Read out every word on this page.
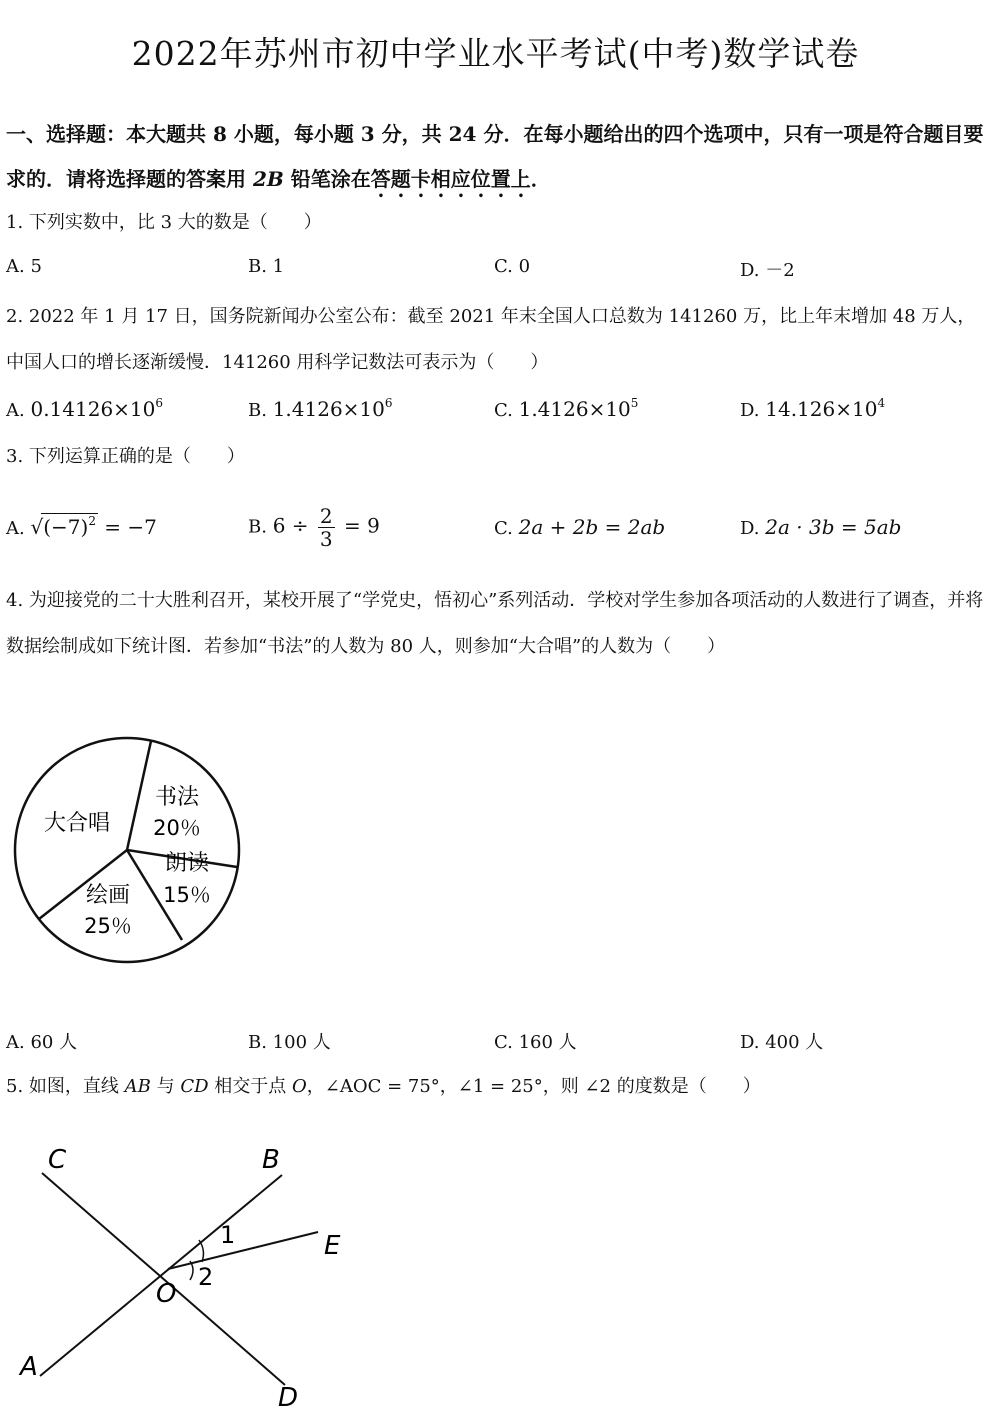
2022年苏州市初中学业水平考试(中考)数学试卷
一、选择题：本大题共 8 小题，每小题 3 分，共 24 分．在每小题给出的四个选项中，只有一项是符合题目要求的．请将选择题的答案用 2B 铅笔涂在答题卡相应位置上．
1. 下列实数中，比 3 大的数是（　　）
A. 5	B. 1	C. 0	D. －2
2. 2022 年 1 月 17 日，国务院新闻办公室公布：截至 2021 年末全国人口总数为 141260 万，比上年末增加 48 万人，中国人口的增长逐渐缓慢．141260 用科学记数法可表示为（　　）
A. $0.14126\times 10^6$	B. $1.4126\times 10^6$	C. $1.4126\times 10^5$	D. $14.126\times 10^4$
3. 下列运算正确的是（　　）
A. $√(-7)^2 = -7$	B. $6 \div \frac{2}{3} = 9$	C. 2a + 2b = 2ab	D. 2a · 3b = 5ab
4. 为迎接党的二十大胜利召开，某校开展了“学党史，悟初心”系列活动．学校对学生参加各项活动的人数进行了调查，并将数据绘制成如下统计图．若参加“书法”的人数为 80 人，则参加“大合唱”的人数为（　　）
大合唱
书法
20％
朗读
15％
绘画
25％
A. 60 人	B. 100 人	C. 160 人	D. 400 人
5. 如图，直线 AB 与 CD 相交于点 O，∠AOC = 75°，∠1 = 25°，则 ∠2 的度数是（　　）
C	B
E
O
A
D
1
2
